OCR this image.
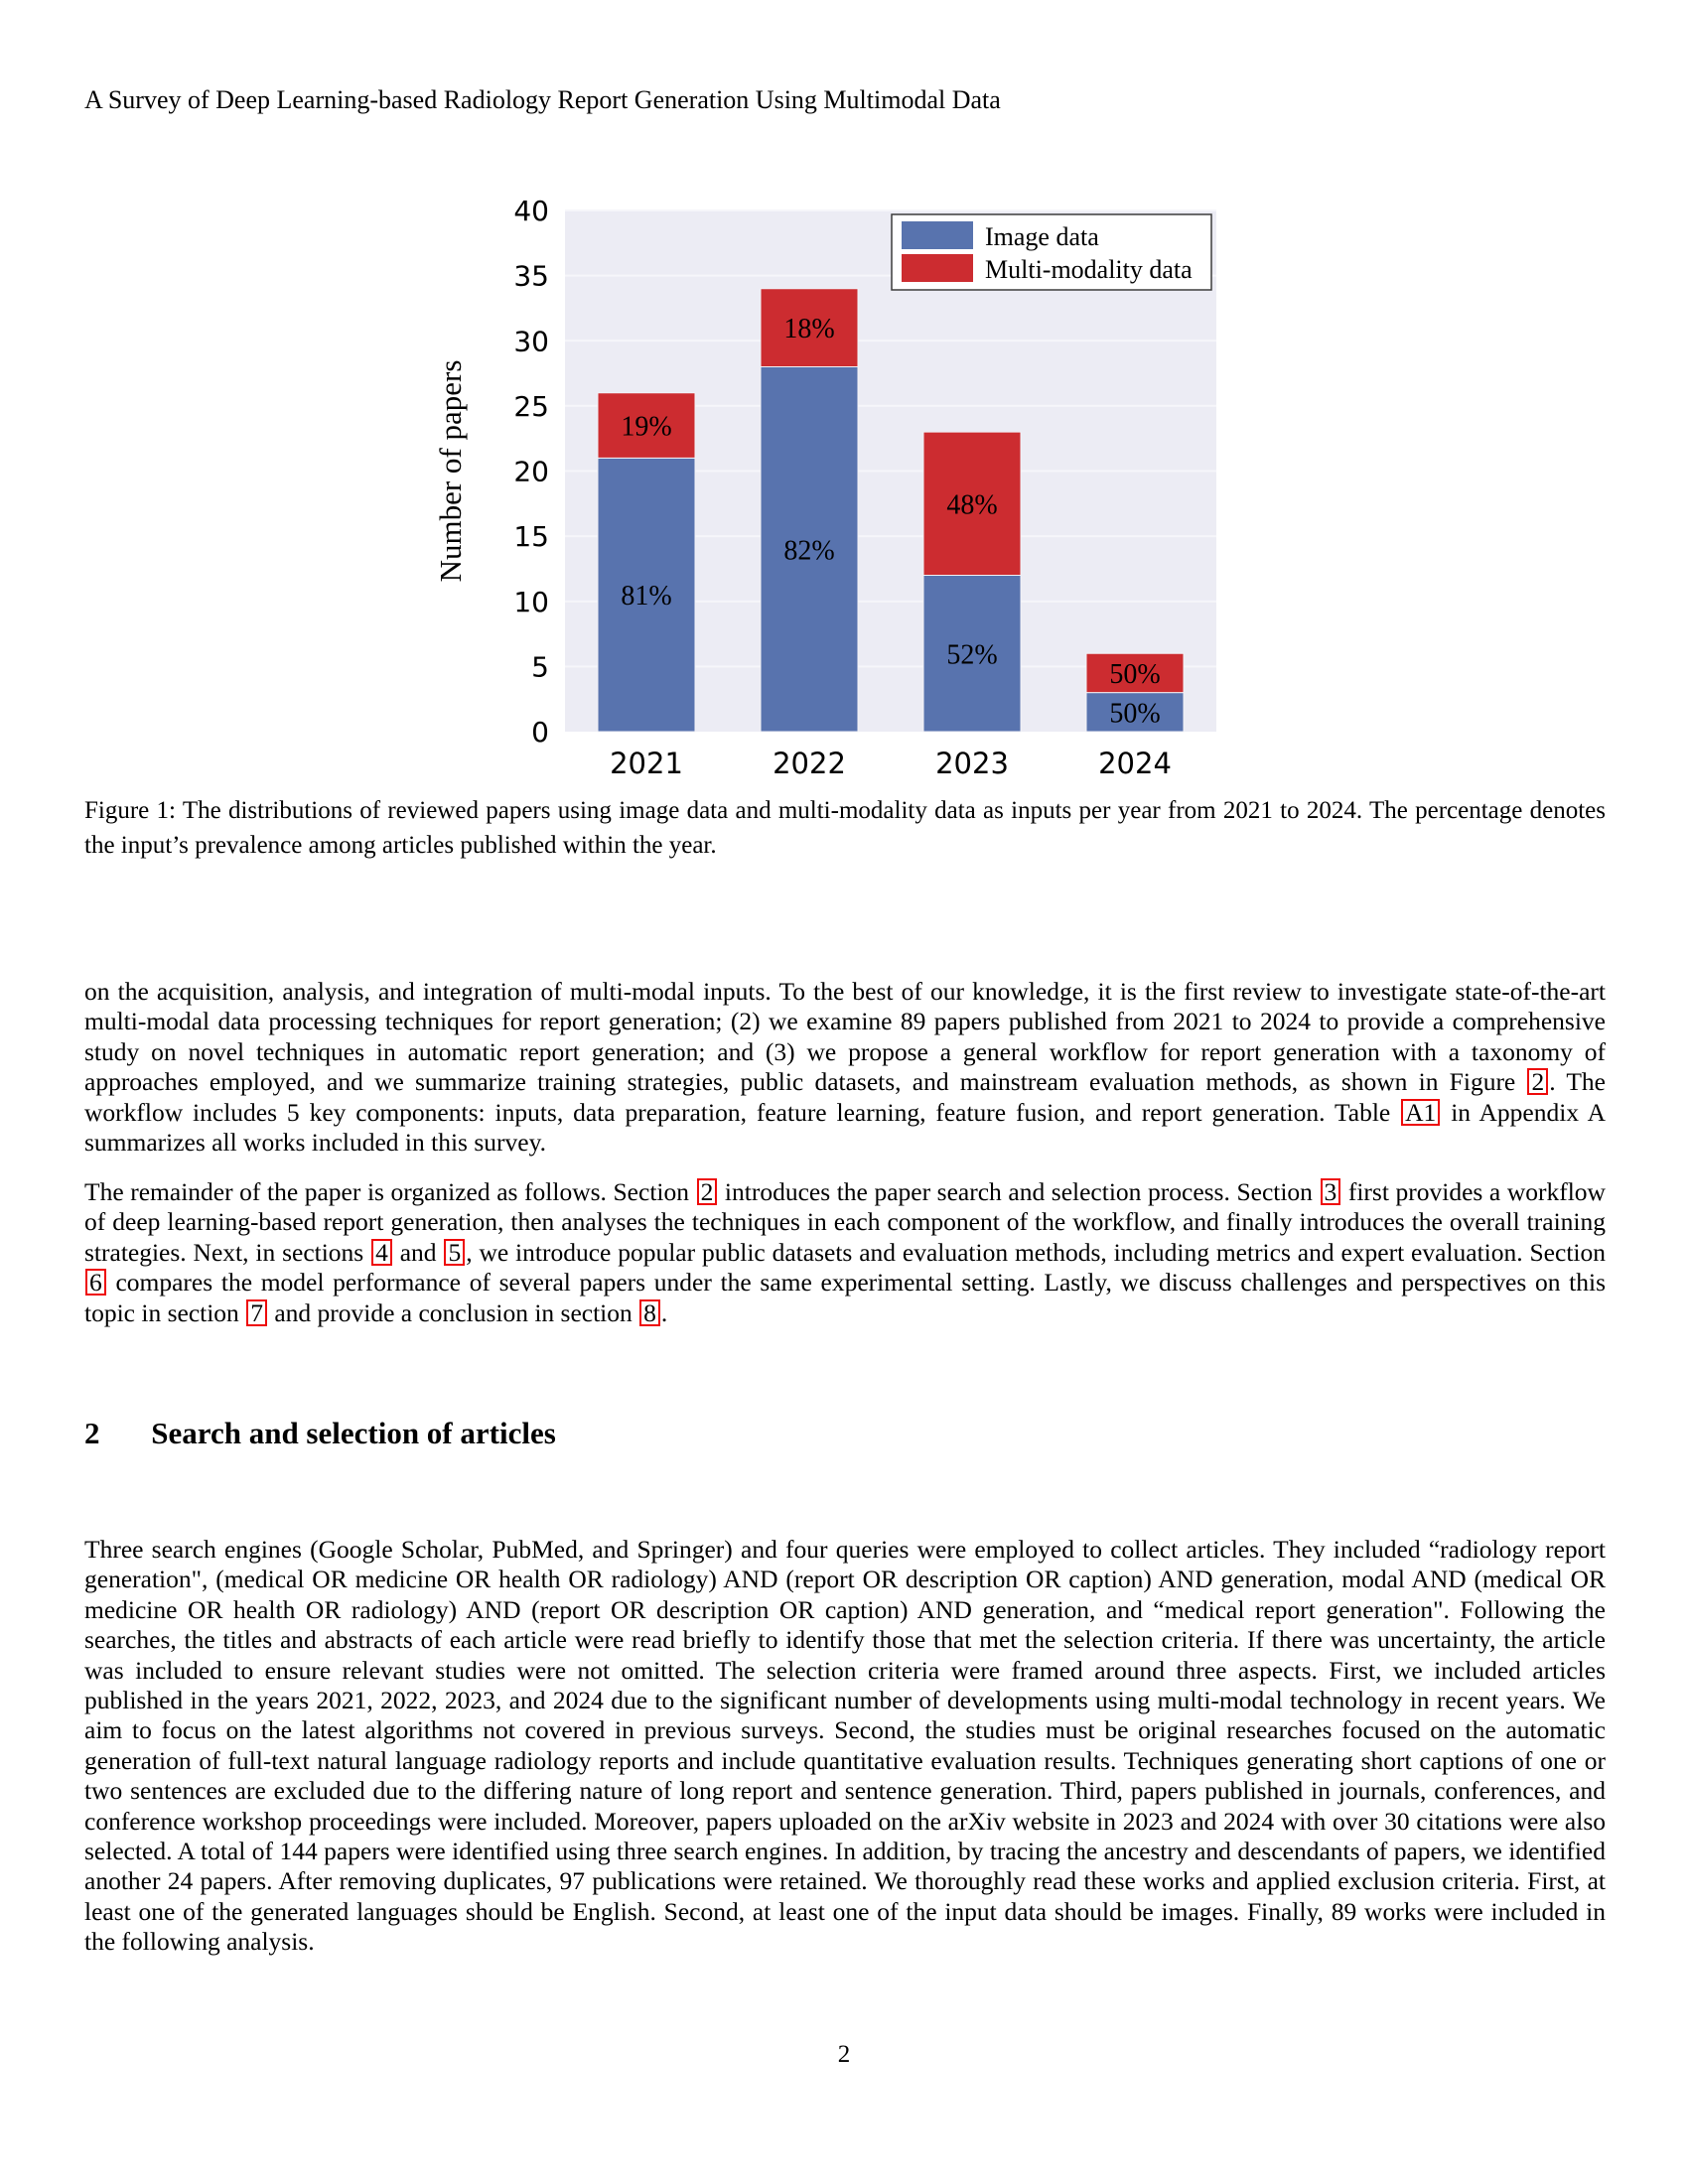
A Survey of Deep Learning-based Radiology Report Generation Using Multimodal Data
0
5
10
15
20
25
30
35
40
Number of papers
81%
19%
2021
82%
18%
2022
52%
48%
2023
50%
50%
2024
Image data
Multi-modality data
Figure 1: The distributions of reviewed papers using image data and multi-modality data as inputs per year from 2021 to 2024. The percentage denotes the input’s prevalence among articles published within the year.
on the acquisition, analysis, and integration of multi-modal inputs. To the best of our knowledge, it is the first review to investigate state-of-the-art multi-modal data processing techniques for report generation; (2) we examine 89 papers published from 2021 to 2024 to provide a comprehensive study on novel techniques in automatic report generation; and (3) we propose a general workflow for report generation with a taxonomy of approaches employed, and we summarize training strategies, public datasets, and mainstream evaluation methods, as shown in Figure 2 . The workflow includes 5 key components: inputs, data preparation, feature learning, feature fusion, and report generation. Table A1 in Appendix A summarizes all works included in this survey.
The remainder of the paper is organized as follows. Section 2 introduces the paper search and selection process. Section 3 first provides a workflow of deep learning-based report generation, then analyses the techniques in each component of the workflow, and finally introduces the overall training strategies. Next, in sections 4 and 5 , we introduce popular public datasets and evaluation methods, including metrics and expert evaluation. Section 6 compares the model performance of several papers under the same experimental setting. Lastly, we discuss challenges and perspectives on this topic in section 7 and provide a conclusion in section 8 .
2 Search and selection of articles
Three search engines (Google Scholar, PubMed, and Springer) and four queries were employed to collect articles. They included “radiology report generation", (medical OR medicine OR health OR radiology) AND (report OR description OR caption) AND generation, modal AND (medical OR medicine OR health OR radiology) AND (report OR description OR caption) AND generation, and “medical report generation". Following the searches, the titles and abstracts of each article were read briefly to identify those that met the selection criteria. If there was uncertainty, the article was included to ensure relevant studies were not omitted. The selection criteria were framed around three aspects. First, we included articles published in the years 2021, 2022, 2023, and 2024 due to the significant number of developments using multi-modal technology in recent years. We aim to focus on the latest algorithms not covered in previous surveys. Second, the studies must be original researches focused on the automatic generation of full-text natural language radiology reports and include quantitative evaluation results. Techniques generating short captions of one or two sentences are excluded due to the differing nature of long report and sentence generation. Third, papers published in journals, conferences, and conference workshop proceedings were included. Moreover, papers uploaded on the arXiv website in 2023 and 2024 with over 30 citations were also selected. A total of 144 papers were identified using three search engines. In addition, by tracing the ancestry and descendants of papers, we identified another 24 papers. After removing duplicates, 97 publications were retained. We thoroughly read these works and applied exclusion criteria. First, at least one of the generated languages should be English. Second, at least one of the input data should be images. Finally, 89 works were included in the following analysis.
2
